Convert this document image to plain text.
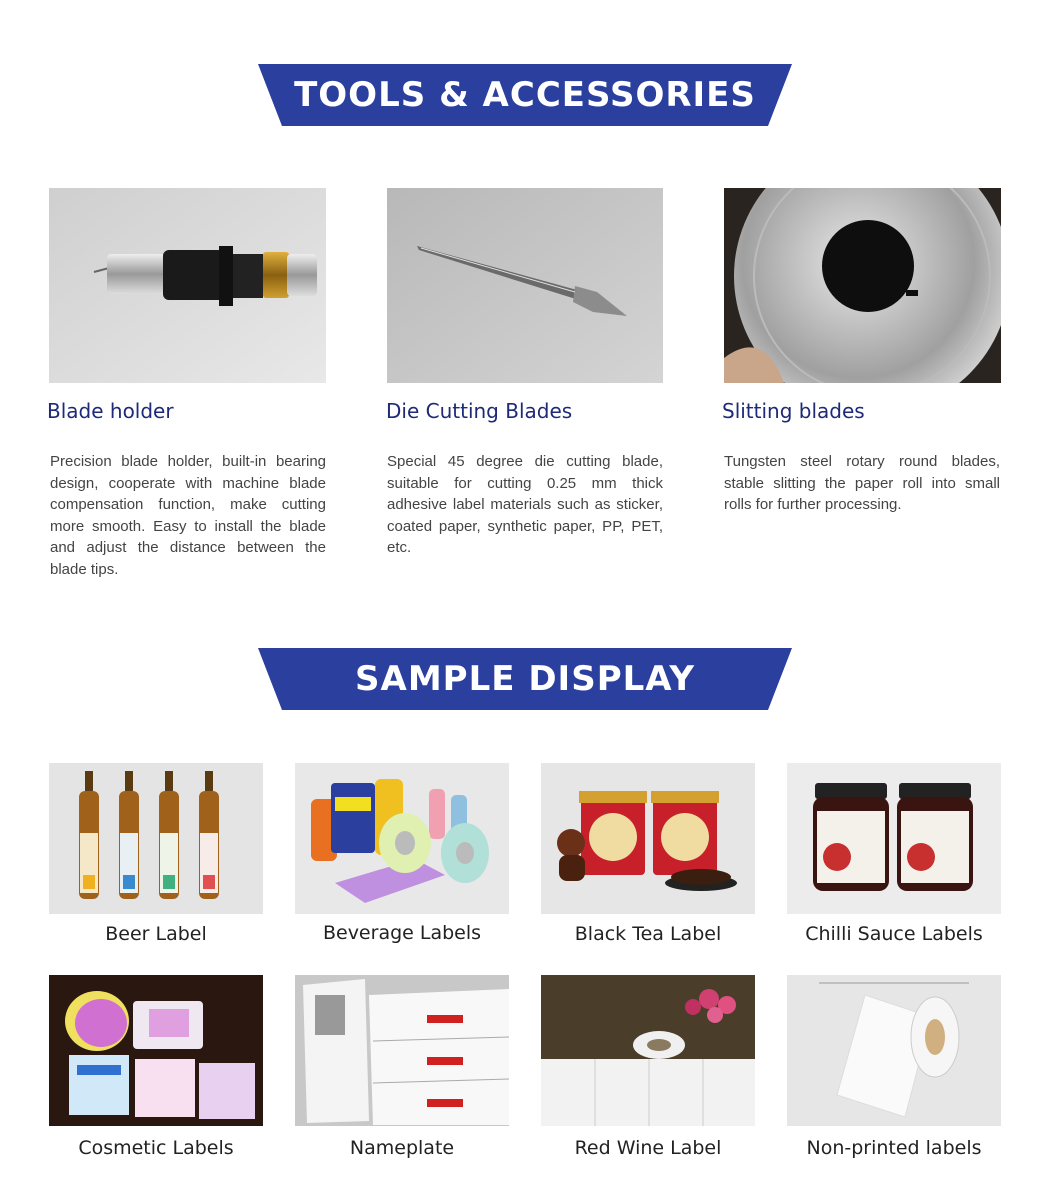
TOOLS & ACCESSORIES
Blade holder	Die Cutting Blades	Slitting blades
Precision blade holder, built-in bearing design, cooperate with machine blade compensation function, make cutting more smooth. Easy to install the blade and adjust the distance between the blade tips.
Special 45 degree die cutting blade, suitable for cutting 0.25 mm thick adhesive label materials such as sticker, coated paper, synthetic paper, PP, PET, etc.
Tungsten steel rotary round blades, stable slitting the paper roll into small rolls for further processing.
SAMPLE DISPLAY
Beer Label	Beverage Labels	Black Tea Label	Chilli Sauce Labels
Cosmetic Labels	Nameplate	Red Wine Label	Non-printed labels
